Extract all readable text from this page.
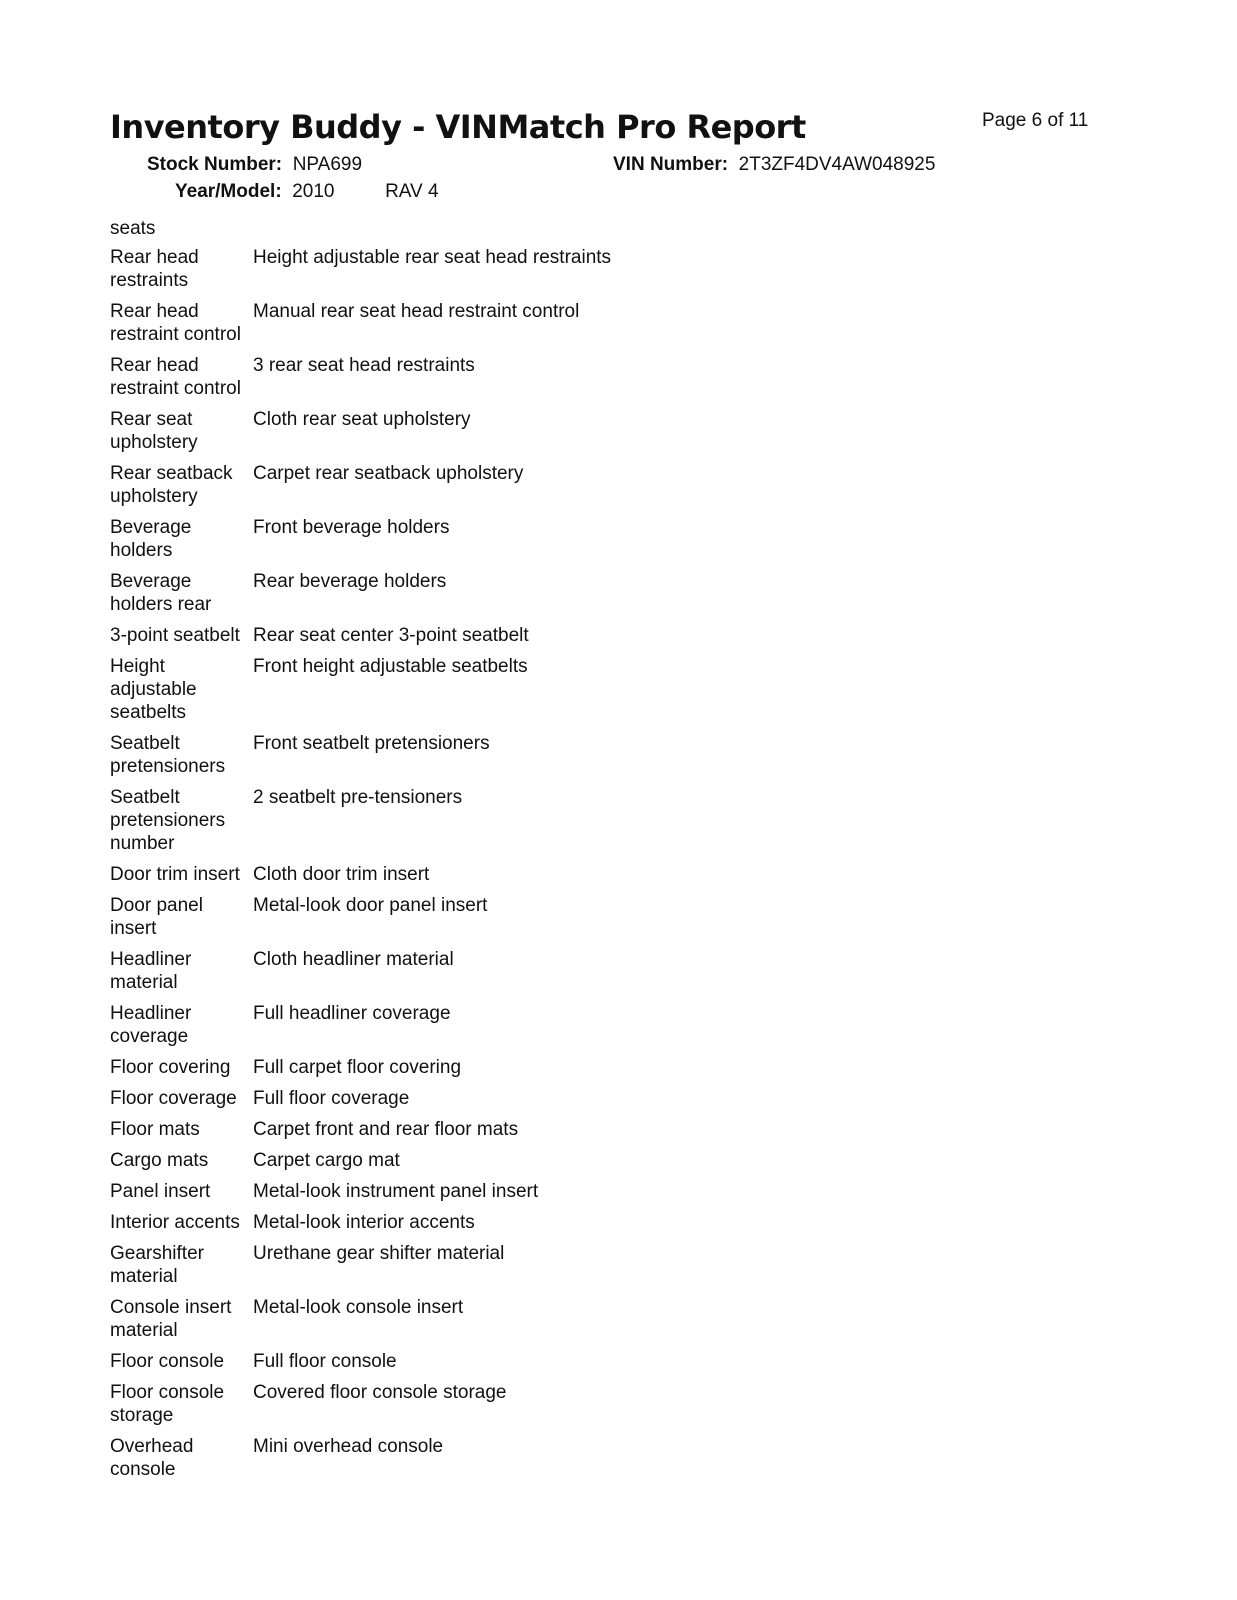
Inventory Buddy - VINMatch Pro Report	Page 6 of 11
Stock Number: NPA699	VIN Number: 2T3ZF4DV4AW048925
Year/Model: 2010	RAV 4
seats
Rear head restraints	Height adjustable rear seat head restraints
Rear head restraint control	Manual rear seat head restraint control
Rear head restraint control	3 rear seat head restraints
Rear seat upholstery	Cloth rear seat upholstery
Rear seatback upholstery	Carpet rear seatback upholstery
Beverage holders	Front beverage holders
Beverage holders rear	Rear beverage holders
3-point seatbelt	Rear seat center 3-point seatbelt
Height adjustable seatbelts	Front height adjustable seatbelts
Seatbelt pretensioners	Front seatbelt pretensioners
Seatbelt pretensioners number	2 seatbelt pre-tensioners
Door trim insert	Cloth door trim insert
Door panel insert	Metal-look door panel insert
Headliner material	Cloth headliner material
Headliner coverage	Full headliner coverage
Floor covering	Full carpet floor covering
Floor coverage	Full floor coverage
Floor mats	Carpet front and rear floor mats
Cargo mats	Carpet cargo mat
Panel insert	Metal-look instrument panel insert
Interior accents	Metal-look interior accents
Gearshifter material	Urethane gear shifter material
Console insert material	Metal-look console insert
Floor console	Full floor console
Floor console storage	Covered floor console storage
Overhead console	Mini overhead console
